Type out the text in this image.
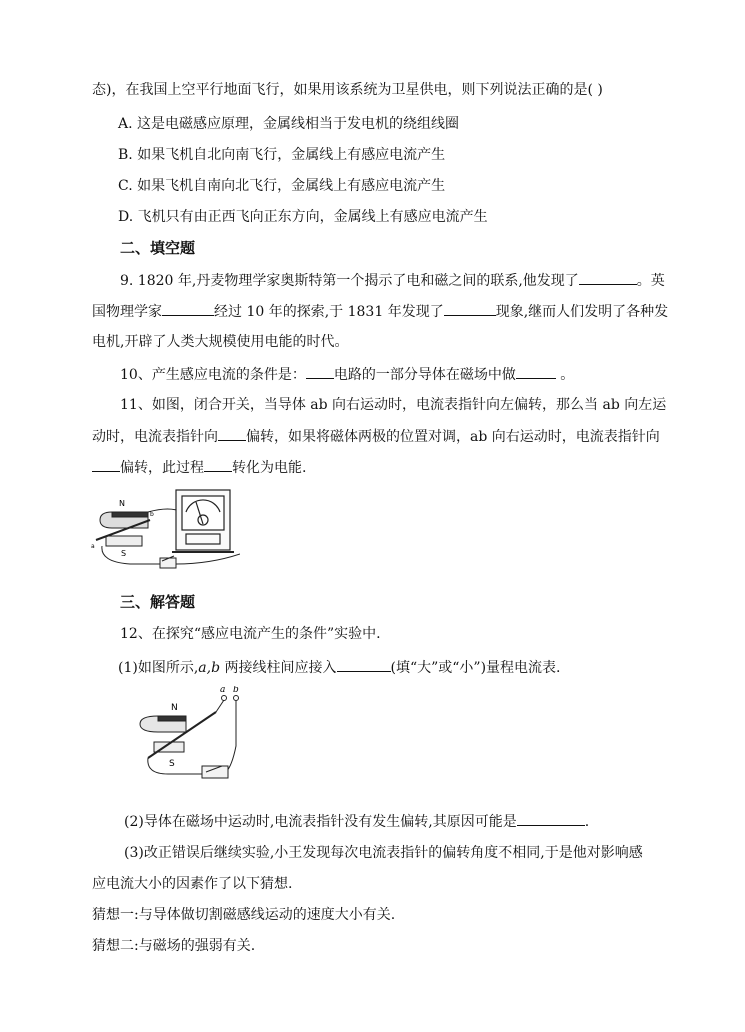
态)，在我国上空平行地面飞行，如果用该系统为卫星供电，则下列说法正确的是( )
A. 这是电磁感应原理，金属线相当于发电机的绕组线圈
B. 如果飞机自北向南飞行，金属线上有感应电流产生
C. 如果飞机自南向北飞行，金属线上有感应电流产生
D. 飞机只有由正西飞向正东方向，金属线上有感应电流产生
二、填空题
9. 1820 年,丹麦物理学家奥斯特第一个揭示了电和磁之间的联系,他发现了	。英
国物理学家	经过 10 年的探索,于 1831 年发现了	现象,继而人们发明了各种发
电机,开辟了人类大规模使用电能的时代。
10、产生感应电流的条件是： 电路的一部分导体在磁场中做	。
11、如图，闭合开关，当导体 ab 向右运动时，电流表指针向左偏转，那么当 ab 向左运
动时，电流表指针向 偏转，如果将磁体两极的位置对调，ab 向右运动时，电流表指针向
偏转，此过程 转化为电能.
N
S
a
b
三、解答题
12、在探究“感应电流产生的条件”实验中.
(1)如图所示,a,b 两接线柱间应接入	(填“大”或“小”)量程电流表.
N
S
a b
(2)导体在磁场中运动时,电流表指针没有发生偏转,其原因可能是	.
(3)改正错误后继续实验,小王发现每次电流表指针的偏转角度不相同,于是他对影响感
应电流大小的因素作了以下猜想.
猜想一:与导体做切割磁感线运动的速度大小有关.
猜想二:与磁场的强弱有关.
